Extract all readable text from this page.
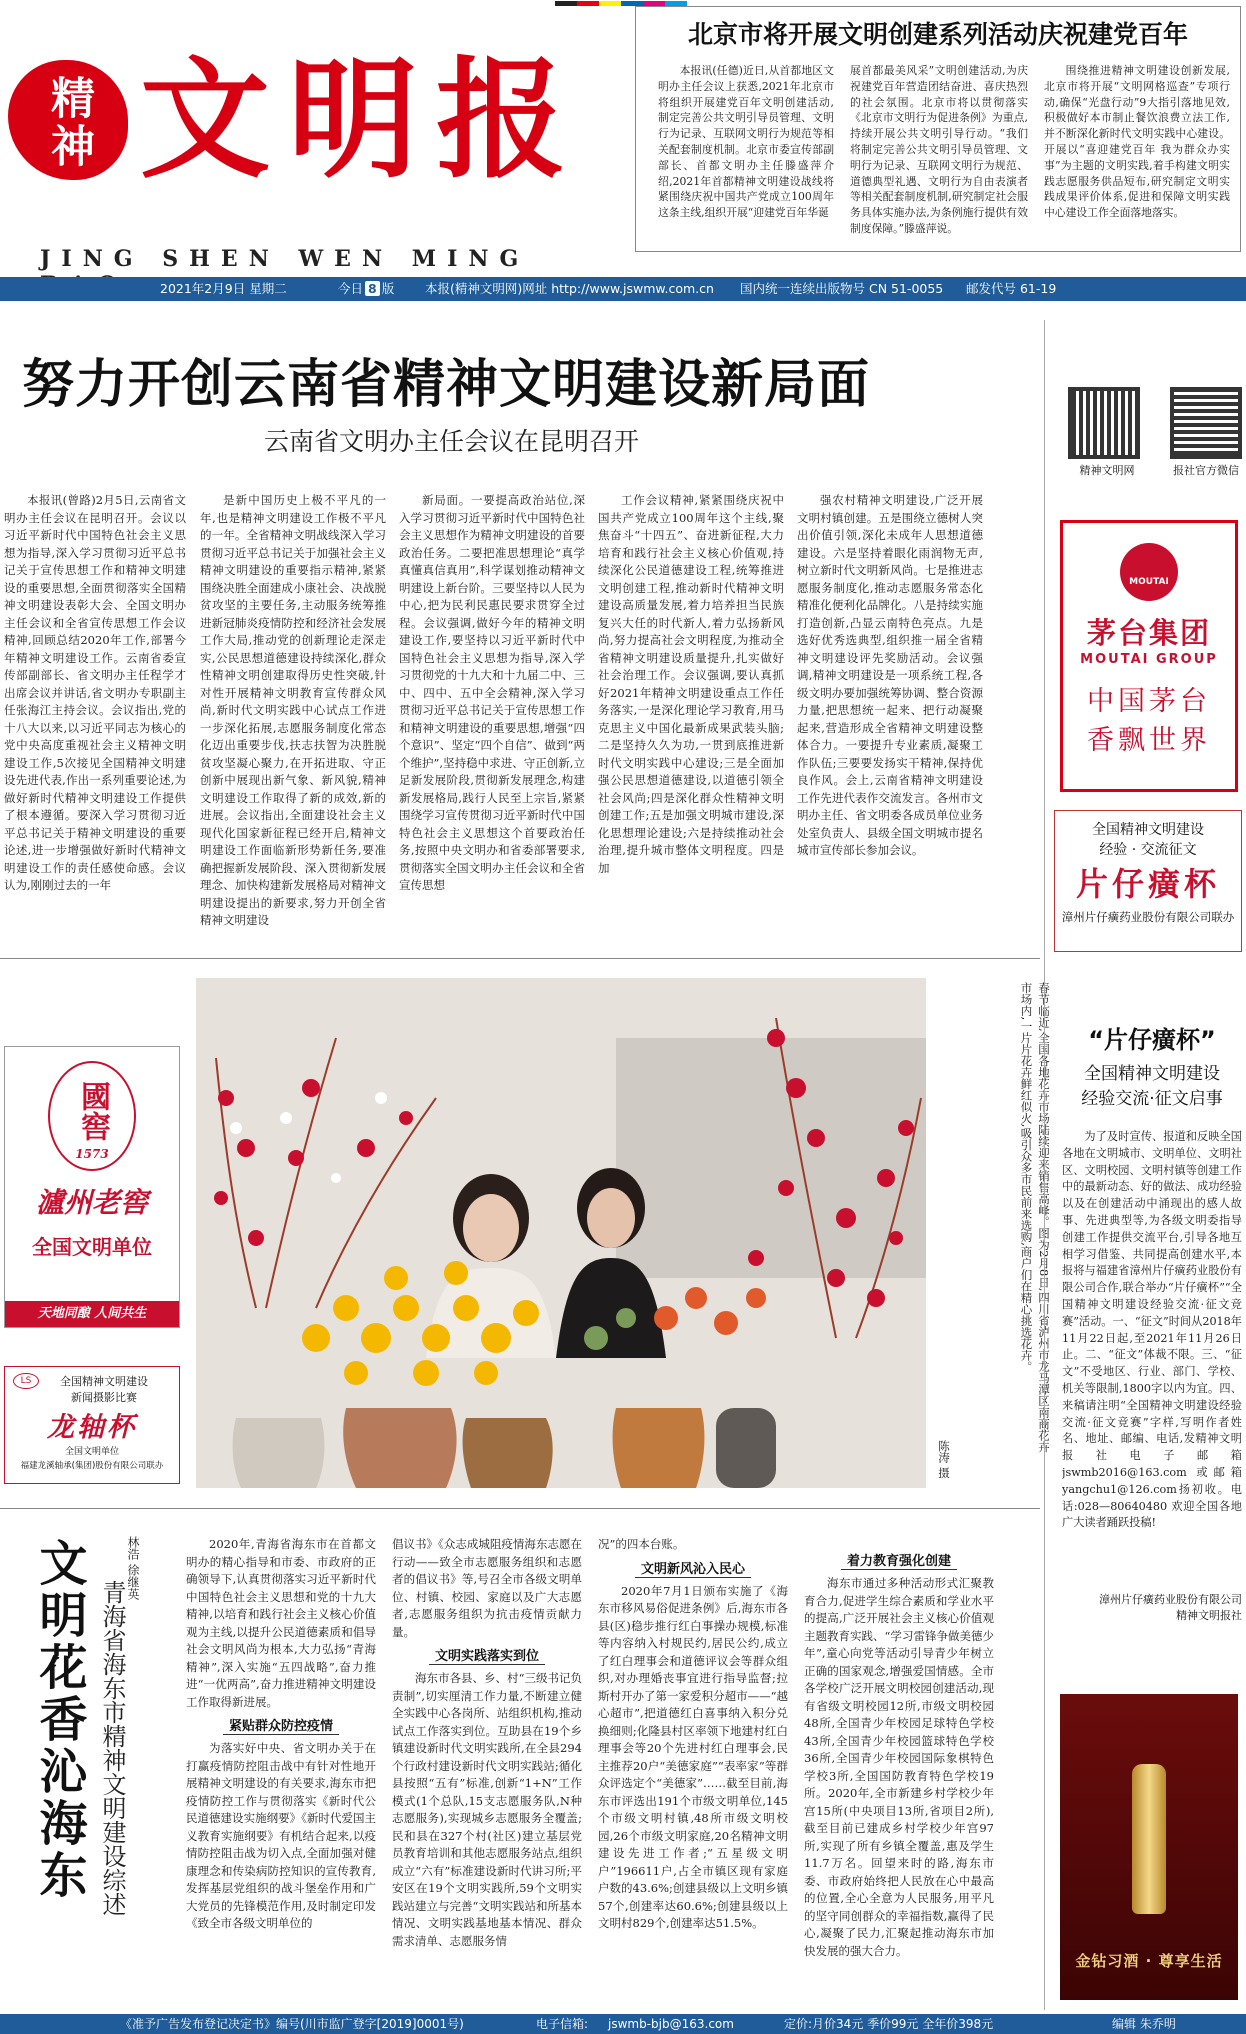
精神 文明报
JING SHEN WEN MING
北京市将开展文明创建系列活动庆祝建党百年
本报讯(任德)近日,从首都地区文明办主任会议上获悉,2021年北京市将组织开展建党百年文明创建活动,制定完善公共文明引导员管理、文明行为记录、互联网文明行为规范等相关配套制度机制。北京市委宣传部副部长、首都文明办主任滕盛萍介绍,2021年首都精神文明建设战线将紧围绕庆祝中国共产党成立100周年这条主线,组织开展“迎建党百年华诞
展首都最美风采”文明创建活动,为庆祝建党百年营造团结奋进、喜庆热烈的社会氛围。北京市将以贯彻落实《北京市文明行为促进条例》为重点,持续开展公共文明引导行动。“我们将制定完善公共文明引导员管理、文明行为记录、互联网文明行为规范、道德典型礼遇、文明行为自由表演者等相关配套制度机制,研究制定社会服务具体实施办法,为条例施行提供有效制度保障。”滕盛萍说。
围绕推进精神文明建设创新发展,北京市将开展“文明网格巡查”专项行动,确保“光盘行动”9大指引落地见效,积极做好本市制止餐饮浪费立法工作,并不断深化新时代文明实践中心建设。开展以“喜迎建党百年 我为群众办实事”为主题的文明实践,着手构建文明实践志愿服务供品短布,研究制定文明实践成果评价体系,促进和保障文明实践中心建设工作全面落地落实。
2021年2月9日 星期二	今日 8 版 本报(精神文明网)网址 http://www.jswmw.com.cn 国内统一连续出版物号 CN 51-0055 邮发代号 61-19
努力开创云南省精神文明建设新局面
云南省文明办主任会议在昆明召开
本报讯(曾路)2月5日,云南省文明办主任会议在昆明召开。会议以习近平新时代中国特色社会主义思想为指导,深入学习贯彻习近平总书记关于宣传思想工作和精神文明建设的重要思想,全面贯彻落实全国精神文明建设表彰大会、全国文明办主任会议和全省宣传思想工作会议精神,回顾总结2020年工作,部署今年精神文明建设工作。云南省委宣传部副部长、省文明办主任程学才出席会议并讲话,省文明办专职副主任张海江主持会议。会议指出,党的十八大以来,以习近平同志为核心的党中央高度重视社会主义精神文明建设工作,5次接见全国精神文明建设先进代表,作出一系列重要论述,为做好新时代精神文明建设工作提供了根本遵循。要深入学习贯彻习近平总书记关于精神文明建设的重要论述,进一步增强做好新时代精神文明建设工作的责任感使命感。会议认为,刚刚过去的一年
是新中国历史上极不平凡的一年,也是精神文明建设工作极不平凡的一年。全省精神文明战线深入学习贯彻习近平总书记关于加强社会主义精神文明建设的重要指示精神,紧紧围绕决胜全面建成小康社会、决战脱贫攻坚的主要任务,主动服务统筹推进新冠肺炎疫情防控和经济社会发展工作大局,推动党的创新理论走深走实,公民思想道德建设持续深化,群众性精神文明创建取得历史性突破,针对性开展精神文明教育宣传群众风尚,新时代文明实践中心试点工作进一步深化拓展,志愿服务制度化常态化迈出重要步伐,扶志扶智为决胜脱贫攻坚凝心聚力,在开拓进取、守正创新中展现出新气象、新风貌,精神文明建设工作取得了新的成效,新的进展。会议指出,全面建设社会主义现代化国家新征程已经开启,精神文明建设工作面临新形势新任务,要准确把握新发展阶段、深入贯彻新发展理念、加快构建新发展格局对精神文明建设提出的新要求,努力开创全省精神文明建设
新局面。一要提高政治站位,深入学习贯彻习近平新时代中国特色社会主义思想作为精神文明建设的首要政治任务。二要把准思想理论“真学真懂真信真用”,科学谋划推动精神文明建设上新台阶。三要坚持以人民为中心,把为民利民惠民要求贯穿全过程。会议强调,做好今年的精神文明建设工作,要坚持以习近平新时代中国特色社会主义思想为指导,深入学习贯彻党的十九大和十九届二中、三中、四中、五中全会精神,深入学习贯彻习近平总书记关于宣传思想工作和精神文明建设的重要思想,增强“四个意识”、坚定“四个自信”、做到“两个维护”,坚持稳中求进、守正创新,立足新发展阶段,贯彻新发展理念,构建新发展格局,践行人民至上宗旨,紧紧围绕学习宣传贯彻习近平新时代中国特色社会主义思想这个首要政治任务,按照中央文明办和省委部署要求,贯彻落实全国文明办主任会议和全省宣传思想
工作会议精神,紧紧围绕庆祝中国共产党成立100周年这个主线,聚焦奋斗“十四五”、奋进新征程,大力培育和践行社会主义核心价值观,持续深化公民道德建设工程,统筹推进文明创建工程,推动新时代精神文明建设高质量发展,着力培养担当民族复兴大任的时代新人,着力弘扬新风尚,努力提高社会文明程度,为推动全省精神文明建设质量提升,扎实做好社会治理工作。会议强调,要认真抓好2021年精神文明建设重点工作任务落实,一是深化理论学习教育,用马克思主义中国化最新成果武装头脑;二是坚持久久为功,一贯到底推进新时代文明实践中心建设;三是全面加强公民思想道德建设,以道德引领全社会风尚;四是深化群众性精神文明创建工作;五是加强文明城市建设,深化思想理论建设;六是持续推动社会治理,提升城市整体文明程度。四是加
强农村精神文明建设,广泛开展文明村镇创建。五是围绕立德树人突出价值引领,深化未成年人思想道德建设。六是坚持着眼化雨润物无声,树立新时代文明新风尚。七是推进志愿服务制度化,推动志愿服务常态化精准化便利化品牌化。八是持续实施打造创新,凸显云南特色亮点。九是选好优秀选典型,组织推一届全省精神文明建设评先奖励活动。会议强调,精神文明建设是一项系统工程,各级文明办要加强统筹协调、整合资源力量,把思想统一起来、把行动凝聚起来,营造形成全省精神文明建设整体合力。一要提升专业素质,凝聚工作队伍;三要要发扬实干精神,保持优良作风。会上,云南省精神文明建设工作先进代表作交流发言。各州市文明办主任、省文明委各成员单位业务处室负责人、县级全国文明城市提名城市宣传部长参加会议。
精神文明网	报社官方微信
MOUTAI
茅台集团
MOUTAI GROUP
中国茅台
香飘世界
全国精神文明建设
经验 · 交流征文
片仔癀杯
漳州片仔癀药业股份有限公司联办
國窖
1573
瀘州老窖
全国文明单位
天地同酿 人间共生
LS	全国精神文明建设
新闻摄影比赛
龙轴杯
全国文明单位
福建龙溪轴承(集团)股份有限公司联办
春节临近,全国各地花卉市场陆续迎来销售高峰。图为2月8日,四川省泸州市龙马潭区南商花卉市场内,一片片花卉鲜红似火,吸引众多市民前来选购,商户们在精心挑选花卉。
陈涛 摄
“片仔癀杯”
全国精神文明建设
经验交流·征文启事
为了及时宣传、报道和反映全国各地在文明城市、文明单位、文明社区、文明校园、文明村镇等创建工作中的最新动态、好的做法、成功经验以及在创建活动中涌现出的感人故事、先进典型等,为各级文明委指导创建工作提供交流平台,引导各地互相学习借鉴、共同提高创建水平,本报将与福建省漳州片仔癀药业股份有限公司合作,联合举办“片仔癀杯”“全国精神文明建设经验交流·征文竞赛”活动。一、“征文”时间从2018年11月22日起,至2021年11月26日止。二、“征文”体裁不限。三、“征文”不受地区、行业、部门、学校、机关等限制,1800字以内为宜。四、来稿请注明“全国精神文明建设经验交流·征文竞赛”字样,写明作者姓名、地址、邮编、电话,发精神文明报社电子邮箱jswmb2016@163.com 或邮箱yangchu1@126.com扬初收。电话:028—80640480 欢迎全国各地广大读者踊跃投稿!
漳州片仔癀药业股份有限公司
精神文明报社
金钻习酒 · 尊享生活
文明花香沁海东 青海省海东市精神文明建设综述
林浩 徐继英	2020年,青海省海东市在首都文明办的精心指导和市委、市政府的正确领导下,认真贯彻落实习近平新时代中国特色社会主义思想和党的十九大精神,以培育和践行社会主义核心价值观为主线,以提升公民道德素质和倡导社会文明风尚为根本,大力弘扬“青海精神”,深入实施“五四战略”,奋力推进“一优两高”,奋力推进精神文明建设工作取得新进展。
紧贴群众防控疫情
为落实好中央、省文明办关于在打赢疫情防控阻击战中有针对性地开展精神文明建设的有关要求,海东市把疫情防控工作与贯彻落实《新时代公民道德建设实施纲要》《新时代爱国主义教育实施纲要》有机结合起来,以疫情防控阻击战为切入点,全面加强对健康理念和传染病防控知识的宣传教育,发挥基层党组织的战斗堡垒作用和广大党员的先锋模范作用,及时制定印发《致全市各级文明单位的
倡议书》《众志成城阻疫情海东志愿在行动——致全市志愿服务组织和志愿者的倡议书》等,号召全市各级文明单位、村镇、校园、家庭以及广大志愿者,志愿服务组织为抗击疫情贡献力量。
文明实践落实到位
海东市各县、乡、村“三级书记负责制”,切实厘清工作力量,不断建立健全实践中心各岗所、站组织机构,推动试点工作落实到位。互助县在19个乡镇建设新时代文明实践所,在全县294个行政村建设新时代文明实践站;循化县按照“五有”标准,创新“1+N”工作模式(1个总队,15支志愿服务队,N种志愿服务),实现城乡志愿服务全覆盖;民和县在327个村(社区)建立基层党员教育培训和其他志愿服务站点,组织成立“六有”标准建设新时代讲习所;平安区在19个文明实践所,59个文明实践站建立与完善“文明实践站和所基本情况、文明实践基地基本情况、群众需求清单、志愿服务情
况”的四本台账。
文明新风沁入民心
2020年7月1日颁布实施了《海东市移风易俗促进条例》后,海东市各县(区)稳步推行红白事操办规模,标准等内容纳入村规民约,居民公约,成立了红白理事会和道德评议会等群众组织,对办理婚丧事宜进行指导监督;拉斯村开办了第一家爱积分超市——“越心超市”,把道德红白喜事纳入积分兑换细则;化隆县村区率领下地建村红白理事会等20个先进村红白理事会,民主推荐20户“美德家庭”“表率家”等群众评选定个“美德家”……截至目前,海东市评选出191个市级文明单位,145个市级文明村镇,48所市级文明校园,26个市级文明家庭,20名精神文明建设先进工作者;“五星级文明户”196611户,占全市镇区现有家庭户数的43.6%;创建县级以上文明乡镇57个,创建率达60.6%;创建县级以上文明村829个,创建率达51.5%。
着力教育强化创建
海东市通过多种活动形式汇聚教育合力,促进学生综合素质和学业水平的提高,广泛开展社会主义核心价值观主题教育实践、“学习雷锋争做美德少年”,童心向党等活动引导青少年树立正确的国家观念,增强爱国情感。全市各学校广泛开展文明校园创建活动,现有省级文明校园12所,市级文明校园48所,全国青少年校园足球特色学校43所,全国青少年校园篮球特色学校36所,全国青少年校园国际象棋特色学校3所,全国国防教育特色学校19所。2020年,全市新建乡村学校少年宫15所(中央项目13所,省项目2所),截至目前已建成乡村学校少年宫97所,实现了所有乡镇全覆盖,惠及学生11.7万名。回望来时的路,海东市委、市政府始终把人民放在心中最高的位置,全心全意为人民服务,用平凡的坚守同创群众的幸福指数,赢得了民心,凝聚了民力,汇聚起推动海东市加快发展的强大合力。
《准予广告发布登记决定书》编号(川市监广登字[2019]0001号)	电子信箱: jswmb-bjb@163.com	定价:月价34元 季价99元 全年价398元	编辑 朱乔明
